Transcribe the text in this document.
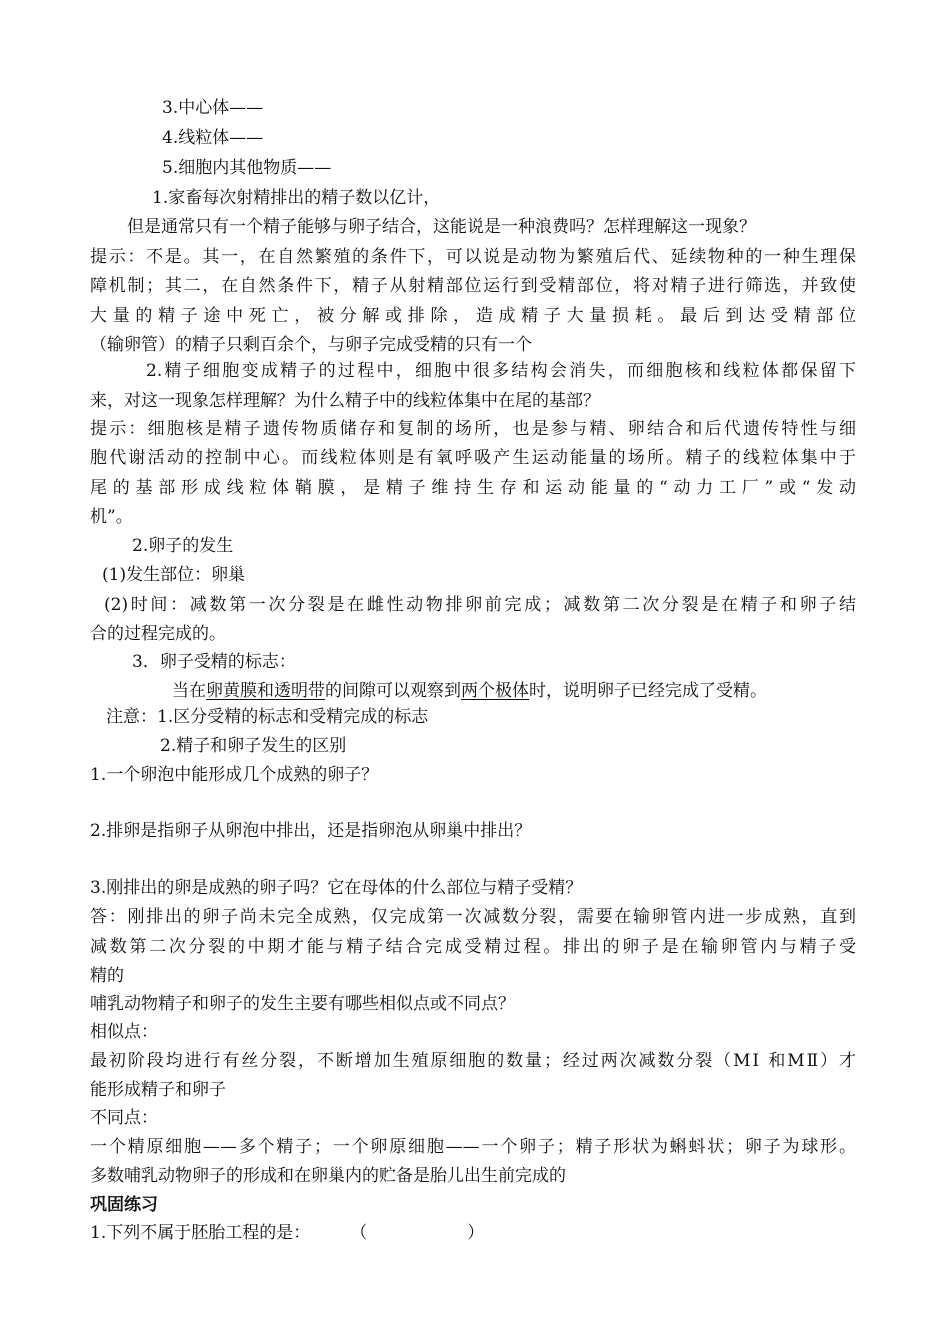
3.中心体——
4.线粒体——
5.细胞内其他物质——
1.家畜每次射精排出的精子数以亿计，
但是通常只有一个精子能够与卵子结合，这能说是一种浪费吗？怎样理解这一现象？
提示：不是。其一，在自然繁殖的条件下，可以说是动物为繁殖后代、延续物种的一种生理保
障机制；其二，在自然条件下，精子从射精部位运行到受精部位，将对精子进行筛选，并致使
大量的精子途中死亡，被分解或排除，造成精子大量损耗。最后到达受精部位
（输卵管）的精子只剩百余个，与卵子完成受精的只有一个
2.精子细胞变成精子的过程中，细胞中很多结构会消失，而细胞核和线粒体都保留下
来，对这一现象怎样理解？为什么精子中的线粒体集中在尾的基部？
提示：细胞核是精子遗传物质储存和复制的场所，也是参与精、卵结合和后代遗传特性与细
胞代谢活动的控制中心。而线粒体则是有氧呼吸产生运动能量的场所。精子的线粒体集中于
尾的基部形成线粒体鞘膜，是精子维持生存和运动能量的“动力工厂”或“发动
机”。
2.卵子的发生
(1)发生部位：卵巢
(2)时间：减数第一次分裂是在雌性动物排卵前完成；减数第二次分裂是在精子和卵子结
合的过程完成的。
3．卵子受精的标志：
当在卵黄膜和透明带的间隙可以观察到两个极体时，说明卵子已经完成了受精。
注意：1.区分受精的标志和受精完成的标志
2.精子和卵子发生的区别
1.一个卵泡中能形成几个成熟的卵子？
2.排卵是指卵子从卵泡中排出，还是指卵泡从卵巢中排出？
3.刚排出的卵是成熟的卵子吗？它在母体的什么部位与精子受精？
答：刚排出的卵子尚未完全成熟，仅完成第一次减数分裂，需要在输卵管内进一步成熟，直到
减数第二次分裂的中期才能与精子结合完成受精过程。排出的卵子是在输卵管内与精子受
精的
哺乳动物精子和卵子的发生主要有哪些相似点或不同点？
相似点：
最初阶段均进行有丝分裂，不断增加生殖原细胞的数量；经过两次减数分裂（MⅠ 和MⅡ）才
能形成精子和卵子
不同点：
一个精原细胞——多个精子；一个卵原细胞——一个卵子；精子形状为蝌蚪状；卵子为球形。
多数哺乳动物卵子的形成和在卵巢内的贮备是胎儿出生前完成的
巩固练习
1.下列不属于胚胎工程的是： （	）
